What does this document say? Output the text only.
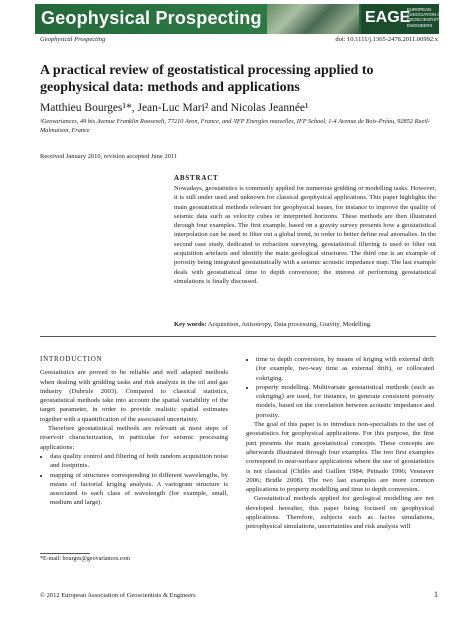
Geophysical Prospecting	EAGE
EUROPEAN
ASSOCIATION OF
GEOSCIENTISTS &
ENGINEERS
Geophysical Prospecting	doi: 10.1111/j.1365-2478.2011.00992.x
A practical review of geostatistical processing applied to geophysical data: methods and applications
Matthieu Bourges¹*, Jean-Luc Mari² and Nicolas Jeannée¹
¹Geovariances, 49 bis Avenue Franklin Roosevelt, 77210 Avon, France, and ²IFP Energies nouvelles, IFP School, 1-4 Avenue de Bois-Préau, 92852 Rueil-Malmaison, France
Received January 2010, revision accepted June 2011
ABSTRACT
Nowadays, geostatistics is commonly applied for numerous gridding or modelling tasks. However, it is still under used and unknown for classical geophysical applications. This paper highlights the main geostatistical methods relevant for geophysical issues, for instance to improve the quality of seismic data such as velocity cubes or interpreted horizons. These methods are then illustrated through four examples. The first example, based on a gravity survey presents how a geostatistical interpolation can be used to filter out a global trend, in order to better define real anomalies. In the second case study, dedicated to refraction surveying, geostatistical filtering is used to filter out acquisition artefacts and identify the main geological structures. The third one is an example of porosity being integrated geostatistically with a seismic acoustic impedance map. The last example deals with geostatistical time to depth conversion; the interest of performing geostatistical simulations is finally discussed.
Key words: Acquisition, Anisotropy, Data processing, Gravity, Modelling.
INTRODUCTION

Geostatistics are proved to be reliable and well adapted methods when dealing with gridding tasks and risk analysis in the oil and gas industry (Dubrule 2003). Compared to classical statistics, geostatistical methods take into account the spatial variability of the target parameter, in order to provide realistic spatial estimates together with a quantification of the associated uncertainty.

Therefore geostatistical methods are relevant at most steps of reservoir characterization, in particular for seismic processing applications:

• data quality control and filtering of both random acquisition noise and footprints.
• mapping of structures corresponding to different wavelengths, by means of factorial kriging analysis. A variogram structure is associated to each class of wavelength (for example, small, medium and large).
*E-mail: bourges@geovariances.com
• time to depth conversion, by means of kriging with external drift (for example, two-way time as external drift), or collocated cokriging.
• property modelling. Multivariate geostatistical methods (such as cokriging) are used, for instance, to generate consistent porosity models, based on the correlation between acoustic impedance and porosity.

The goal of this paper is to introduce non-specialists to the use of geostatistics for geophysical applications. For this purpose, the first part presents the main geostatistical concepts. These concepts are afterwards illustrated through four examples. The two first examples correspond to near-surface applications where the use of geostatistics is not classical (Chilès and Guillen 1984; Peinado 1996; Vesnaver 2006; Bridle 2008). The two last examples are more common applications to property modelling and time to depth conversion.

Geostatistical methods applied for geological modelling are not developed hereafter, this paper being focused on geophysical applications. Therefore, subjects such as facies simulations, petrophysical simulations, uncertainties and risk analysis will

© 2012 European Association of Geoscientists & Engineers	1
